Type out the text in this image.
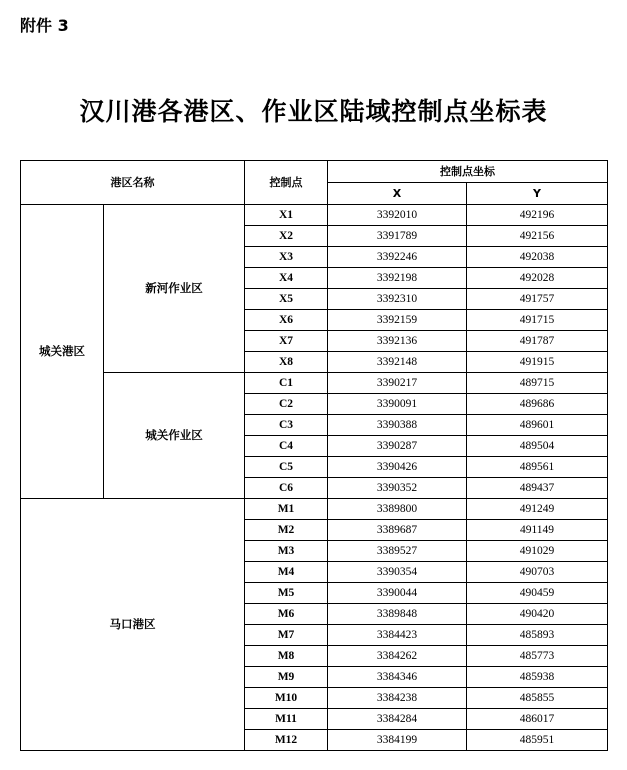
附件 3
汉川港各港区、作业区陆域控制点坐标表
港区名称		控制点	控制点坐标	
			X	Y
城关港区	新河作业区	X1	3392010	492196
		X2	3391789	492156
		X3	3392246	492038
		X4	3392198	492028
		X5	3392310	491757
		X6	3392159	491715
		X7	3392136	491787
		X8	3392148	491915
	城关作业区	C1	3390217	489715
		C2	3390091	489686
		C3	3390388	489601
		C4	3390287	489504
		C5	3390426	489561
		C6	3390352	489437
马口港区		M1	3389800	491249
		M2	3389687	491149
		M3	3389527	491029
		M4	3390354	490703
		M5	3390044	490459
		M6	3389848	490420
		M7	3384423	485893
		M8	3384262	485773
		M9	3384346	485938
		M10	3384238	485855
		M11	3384284	486017
		M12	3384199	485951
